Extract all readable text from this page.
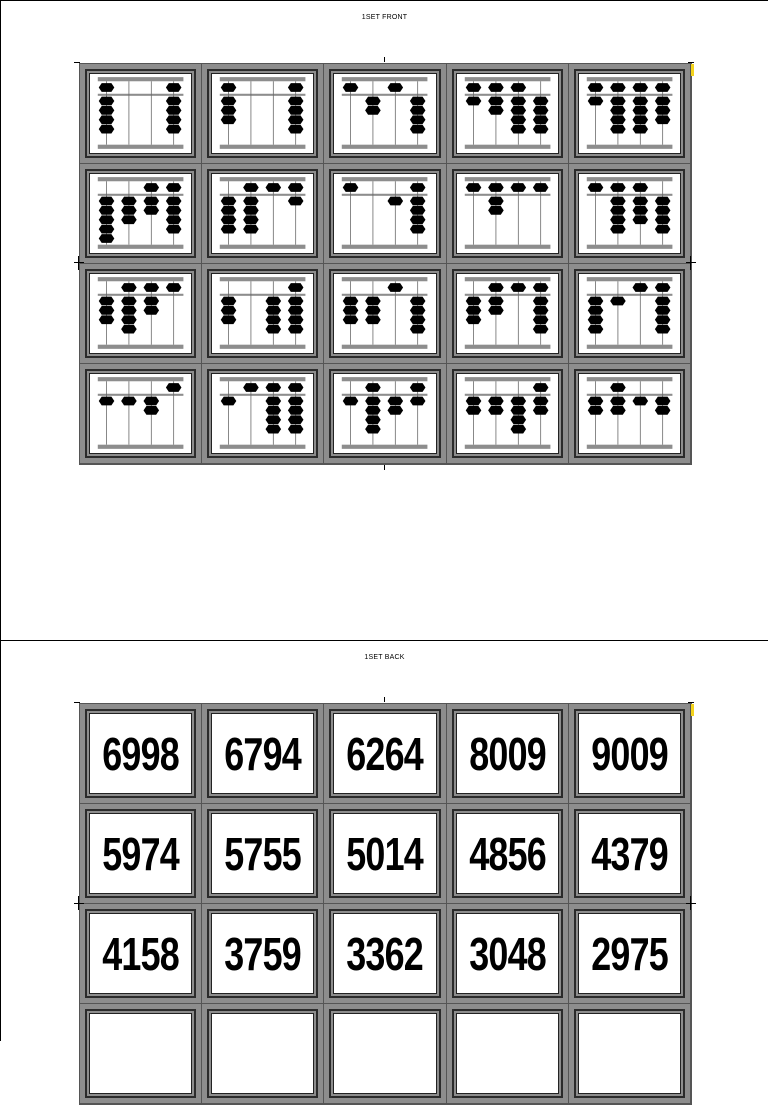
1SET FRONT
1SET BACK
6998 6794 6264 8009 9009
5974 5755 5014 4856 4379
4158 3759 3362 3048 2975
